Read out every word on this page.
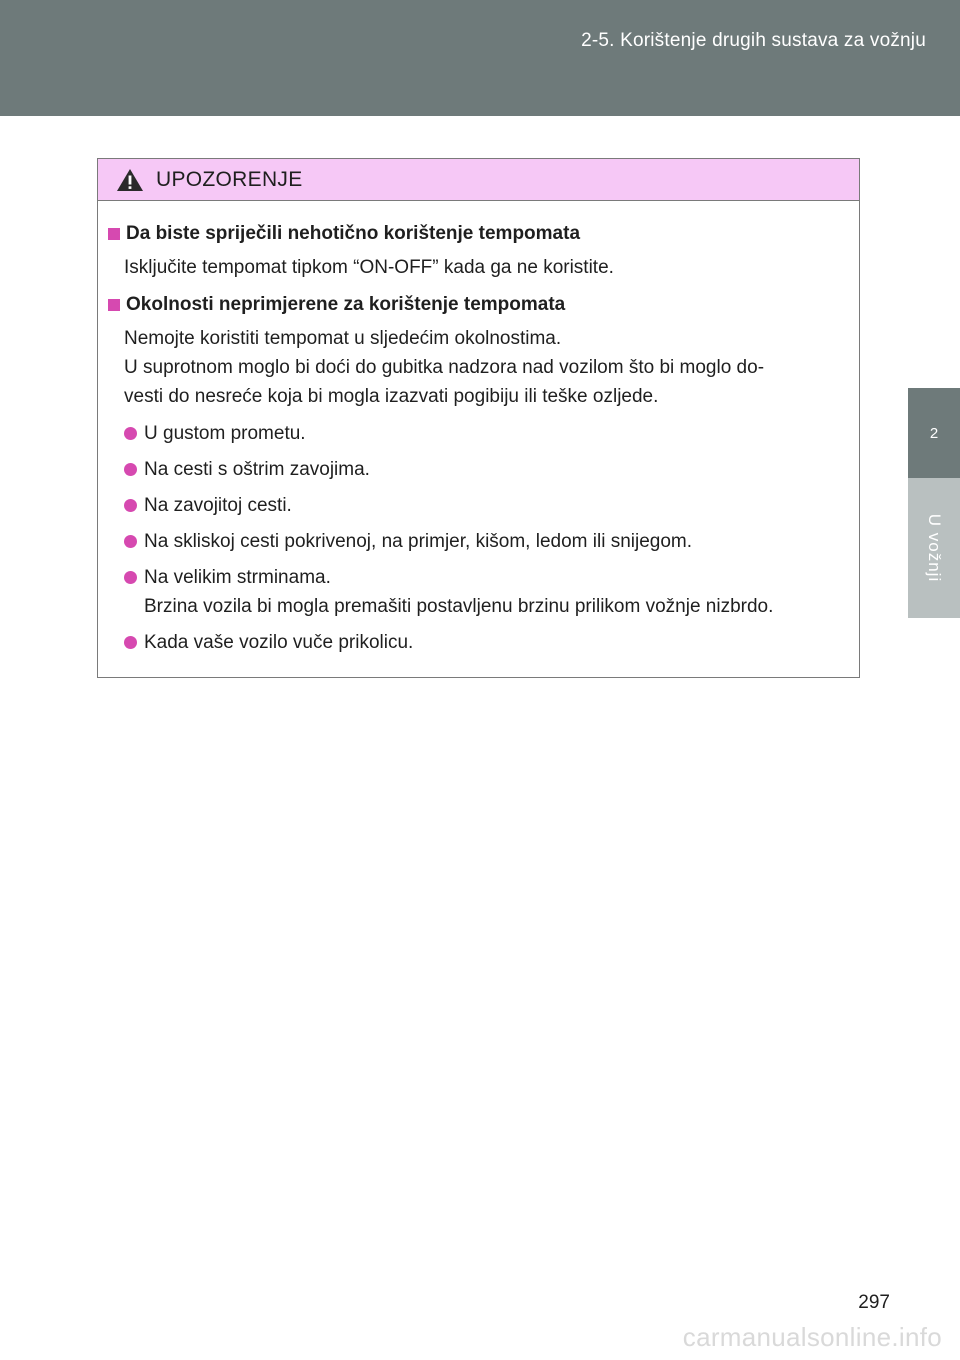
2-5. Korištenje drugih sustava za vožnju
2
U vožnji
UPOZORENJE
Da biste spriječili nehotično korištenje tempomata
Isključite tempomat tipkom “ON-OFF” kada ga ne koristite.
Okolnosti neprimjerene za korištenje tempomata
Nemojte koristiti tempomat u sljedećim okolnostima.
U suprotnom moglo bi doći do gubitka nadzora nad vozilom što bi moglo do-
vesti do nesreće koja bi mogla izazvati pogibiju ili teške ozljede.
U gustom prometu.
Na cesti s oštrim zavojima.
Na zavojitoj cesti.
Na skliskoj cesti pokrivenoj, na primjer, kišom, ledom ili snijegom.
Na velikim strminama.
Brzina vozila bi mogla premašiti postavljenu brzinu prilikom vožnje nizbrdo.
Kada vaše vozilo vuče prikolicu.
297
carmanualsonline.info
